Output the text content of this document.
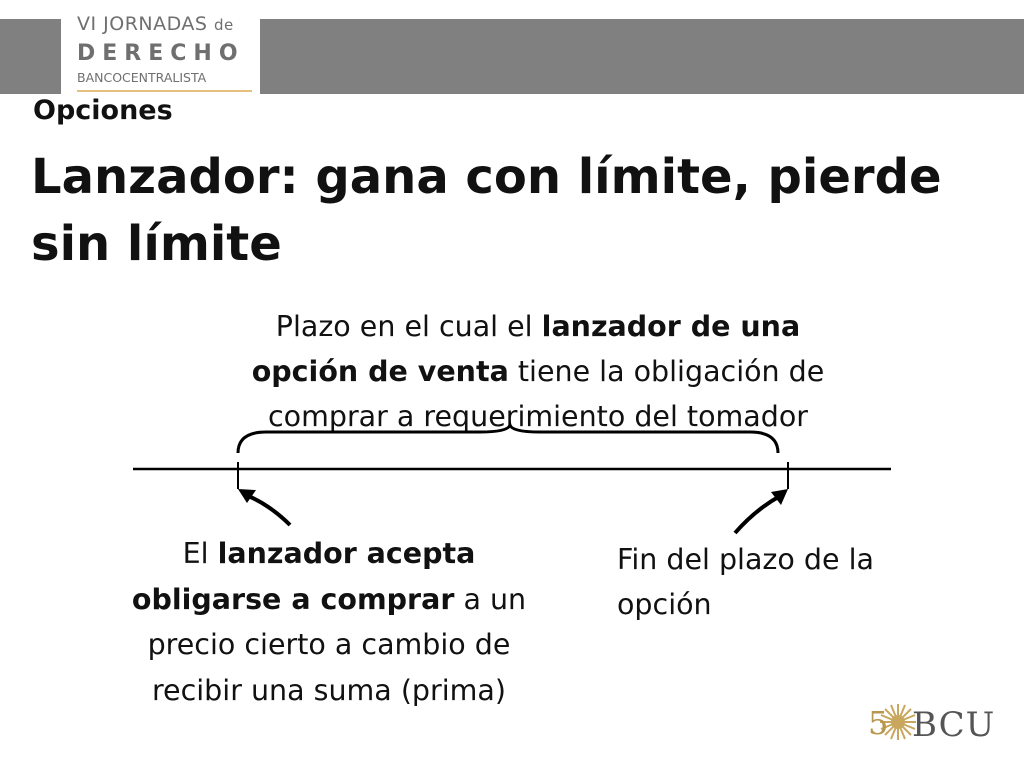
VI JORNADAS de
DERECHO
BANCOCENTRALISTA
Opciones
Lanzador: gana con límite, pierde sin límite
Plazo en el cual el lanzador de una opción de venta tiene la obligación de comprar a requerimiento del tomador
El lanzador acepta obligarse a comprar a un precio cierto a cambio de recibir una suma (prima)
Fin del plazo de la opción
5 BCU
